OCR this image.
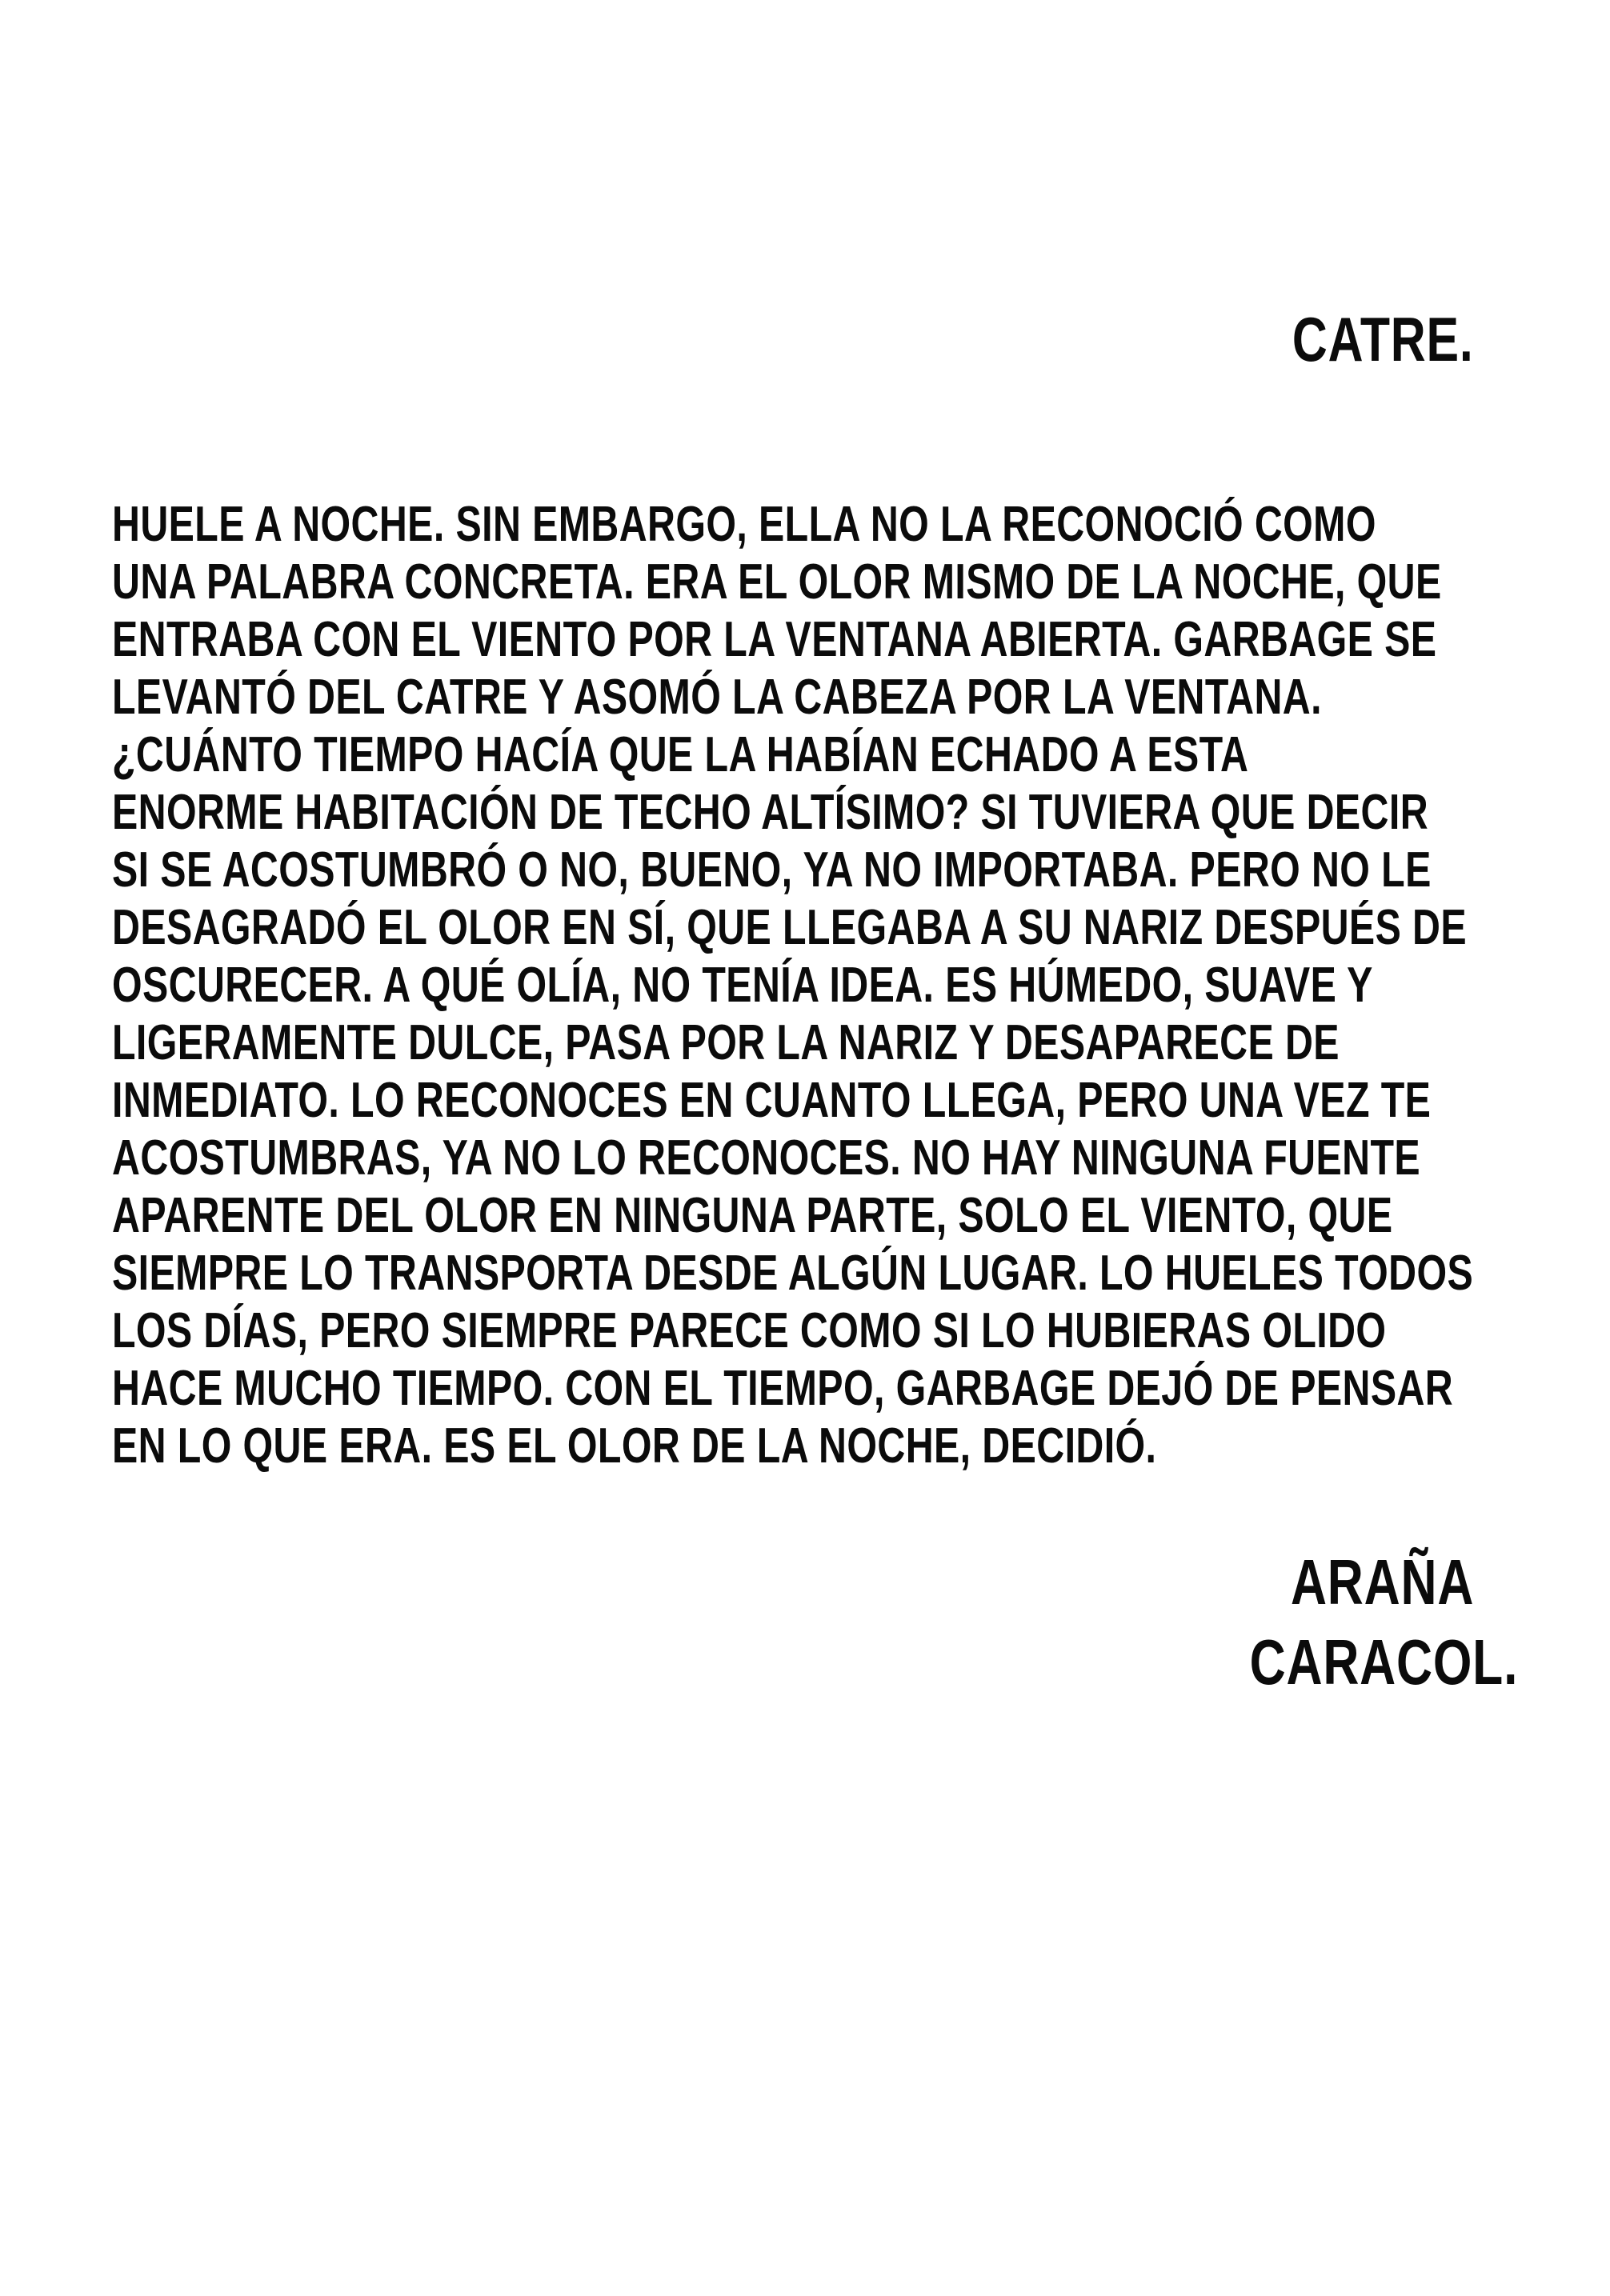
CATRE.
HUELE A NOCHE. SIN EMBARGO, ELLA NO LA RECONOCIÓ COMO
UNA PALABRA CONCRETA. ERA EL OLOR MISMO DE LA NOCHE, QUE
ENTRABA CON EL VIENTO POR LA VENTANA ABIERTA. GARBAGE SE
LEVANTÓ DEL CATRE Y ASOMÓ LA CABEZA POR LA VENTANA.
¿CUÁNTO TIEMPO HACÍA QUE LA HABÍAN ECHADO A ESTA
ENORME HABITACIÓN DE TECHO ALTÍSIMO? SI TUVIERA QUE DECIR
SI SE ACOSTUMBRÓ O NO, BUENO, YA NO IMPORTABA. PERO NO LE
DESAGRADÓ EL OLOR EN SÍ, QUE LLEGABA A SU NARIZ DESPUÉS DE
OSCURECER. A QUÉ OLÍA, NO TENÍA IDEA. ES HÚMEDO, SUAVE Y
LIGERAMENTE DULCE, PASA POR LA NARIZ Y DESAPARECE DE
INMEDIATO. LO RECONOCES EN CUANTO LLEGA, PERO UNA VEZ TE
ACOSTUMBRAS, YA NO LO RECONOCES. NO HAY NINGUNA FUENTE
APARENTE DEL OLOR EN NINGUNA PARTE, SOLO EL VIENTO, QUE
SIEMPRE LO TRANSPORTA DESDE ALGÚN LUGAR. LO HUELES TODOS
LOS DÍAS, PERO SIEMPRE PARECE COMO SI LO HUBIERAS OLIDO
HACE MUCHO TIEMPO. CON EL TIEMPO, GARBAGE DEJÓ DE PENSAR
EN LO QUE ERA. ES EL OLOR DE LA NOCHE, DECIDIÓ.
ARAÑA
CARACOL.
